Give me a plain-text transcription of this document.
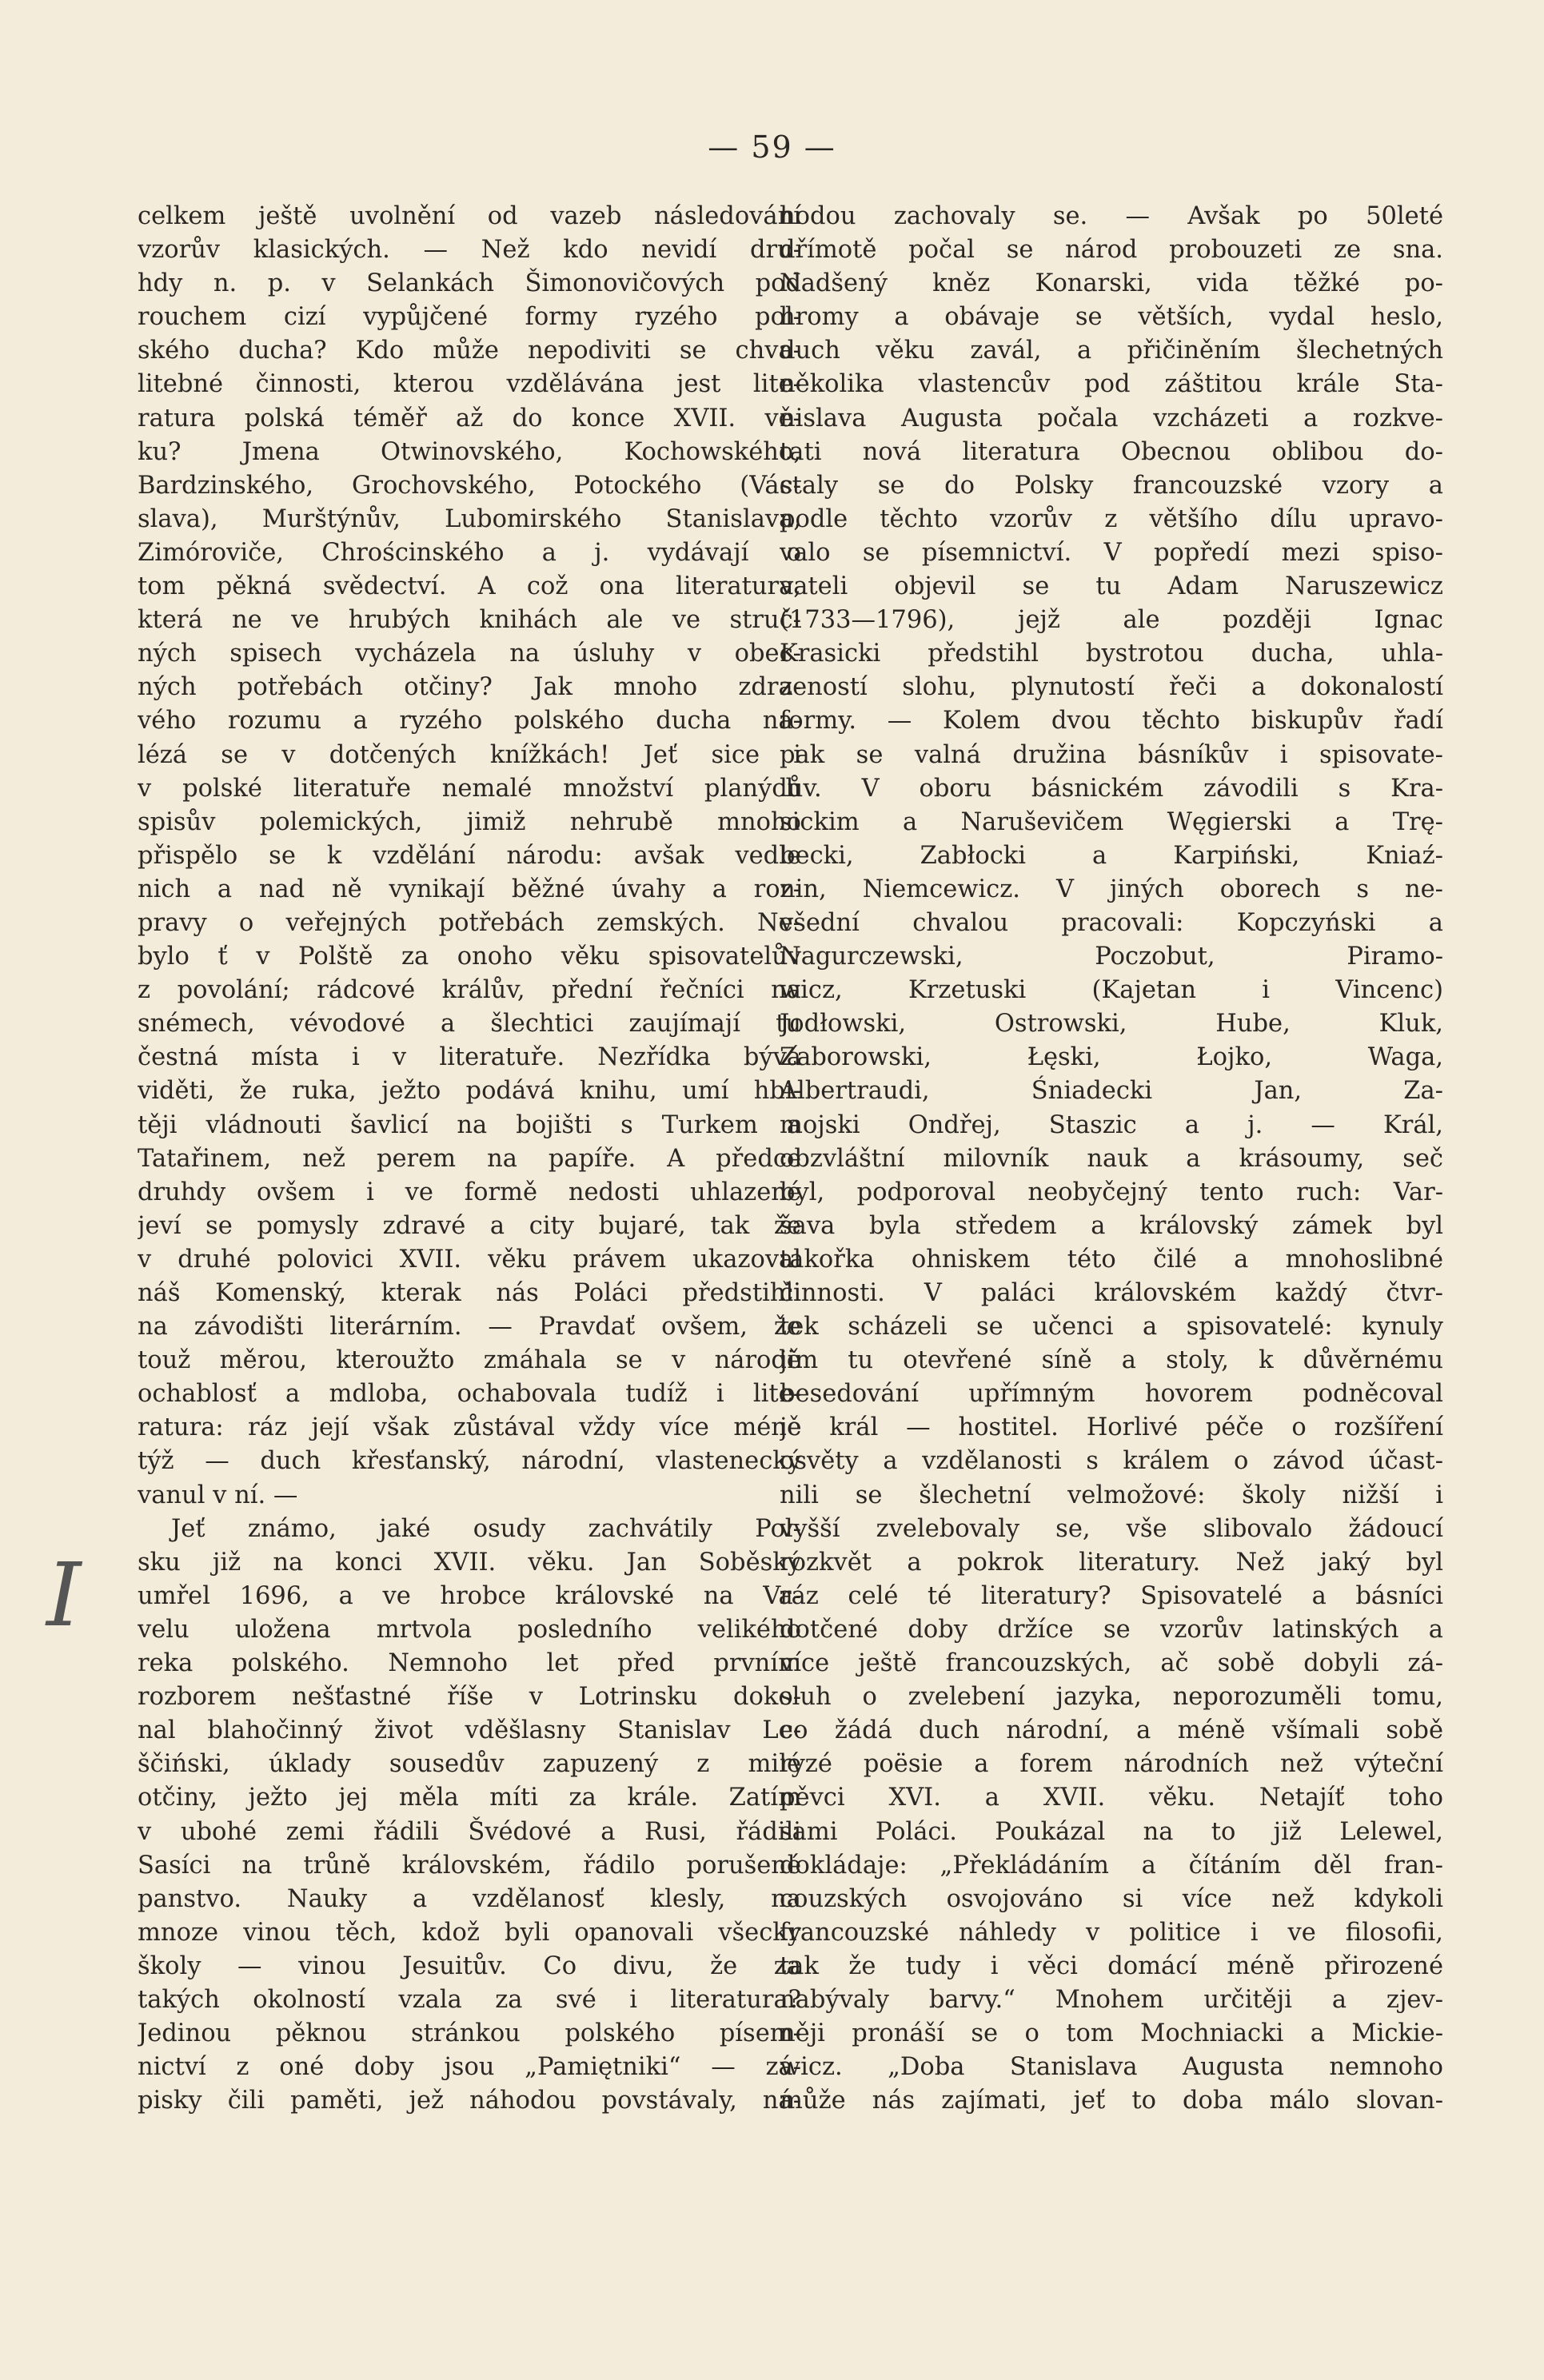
— 59 —
I
celkem ještě uvolnění od vazeb následování
vzorův klasických. — Než kdo nevidí dru-
hdy n. p. v Selankách Šimonovičových pod
rouchem cizí vypůjčené formy ryzého pol-
ského ducha? Kdo může nepodiviti se chva-
litebné činnosti, kterou vzdělávána jest lite-
ratura polská téměř až do konce XVII. vě-
ku? Jmena Otwinovského, Kochowského,
Bardzinského, Grochovského, Potockého (Vác-
slava), Murštýnův, Lubomirského Stanislava,
Zimóroviče, Chrościnského a j. vydávají o
tom pěkná svědectví. A což ona literatura,
která ne ve hrubých knihách ale ve struč-
ných spisech vycházela na úsluhy v obec-
ných potřebách otčiny? Jak mnoho zdra-
vého rozumu a ryzého polského ducha na-
lézá se v dotčených knížkách! Jeť sice i
v polské literatuře nemalé množství planých
spisův polemických, jimiž nehrubě mnoho
přispělo se k vzdělání národu: avšak vedle
nich a nad ně vynikají běžné úvahy a roz-
pravy o veřejných potřebách zemských. Ne-
bylo ť v Polště za onoho věku spisovatelův
z povolání; rádcové králův, přední řečníci na
snémech, vévodové a šlechtici zaujímají tu
čestná místa i v literatuře. Nezřídka bývá
viděti, že ruka, ježto podává knihu, umí hbi-
těji vládnouti šavlicí na bojišti s Turkem a
Tatařinem, než perem na papíře. A předce
druhdy ovšem i ve formě nedosti uhlazené
jeví se pomysly zdravé a city bujaré, tak že
v druhé polovici XVII. věku právem ukazoval
náš Komenský, kterak nás Poláci předstihli
na závodišti literárním. — Pravdať ovšem, že
touž měrou, kteroužto zmáhala se v národě
ochablosť a mdloba, ochabovala tudíž i lite-
ratura: ráz její však zůstával vždy více méně
týž — duch křesťanský, národní, vlastenecký
vanul v ní. —
Jeť známo, jaké osudy zachvátily Pol-
sku již na konci XVII. věku. Jan Soběský
umřel 1696, a ve hrobce královské na Va-
velu uložena mrtvola posledního velikého
reka polského. Nemnoho let před prvním
rozborem nešťastné říše v Lotrinsku doko-
nal blahočinný život vděšlasny Stanislav Le-
ščiński, úklady sousedův zapuzený z milé
otčiny, ježto jej měla míti za krále. Zatím
v ubohé zemi řádili Švédové a Rusi, řádili
Sasíci na trůně královském, řádilo porušené
panstvo. Nauky a vzdělanosť klesly, na
mnoze vinou těch, kdož byli opanovali všecky
školy — vinou Jesuitův. Co divu, že za
takých okolností vzala za své i literatura?
Jedinou pěknou stránkou polského písem-
nictví z oné doby jsou „Pamiętniki“ — zá-
pisky čili paměti, jež náhodou povstávaly, ná-
hodou zachovaly se. — Avšak po 50leté
dřímotě počal se národ probouzeti ze sna.
Nadšený kněz Konarski, vida těžké po-
hromy a obávaje se větších, vydal heslo,
duch věku zavál, a přičiněním šlechetných
několika vlastencův pod záštitou krále Sta-
nislava Augusta počala vzcházeti a rozkve-
tati nová literatura Obecnou oblibou do-
staly se do Polsky francouzské vzory a
podle těchto vzorův z většího dílu upravo-
valo se písemnictví. V popředí mezi spiso-
vateli objevil se tu Adam Naruszewicz
(1733—1796), jejž ale později Ignac
Krasicki předstihl bystrotou ducha, uhla-
zeností slohu, plynutostí řeči a dokonalostí
formy. — Kolem dvou těchto biskupův řadí
pak se valná družina básníkův i spisovate-
lův. V oboru básnickém závodili s Kra-
sickim a Naruševičem Węgierski a Trę-
becki, Zabłocki a Karpiński, Kniaź-
nin, Niemcewicz. V jiných oborech s ne-
všední chvalou pracovali: Kopczyński a
Nagurczewski, Poczobut, Piramo-
wicz, Krzetuski (Kajetan i Vincenc)
Jodłowski, Ostrowski, Hube, Kluk,
Zaborowski, Łęski, Łojko, Waga,
Albertraudi, Śniadecki Jan, Za-
mojski Ondřej, Staszic a j. — Král,
obzvláštní milovník nauk a krásoumy, seč
byl, podporoval neobyčejný tento ruch: Var-
šava byla středem a královský zámek byl
takořka ohniskem této čilé a mnohoslibné
činnosti. V paláci královském každý čtvr-
tek scházeli se učenci a spisovatelé: kynuly
jim tu otevřené síně a stoly, k důvěrnému
besedování upřímným hovorem podněcoval
je král — hostitel. Horlivé péče o rozšíření
osvěty a vzdělanosti s králem o závod účast-
nili se šlechetní velmožové: školy nižší i
vyšší zvelebovaly se, vše slibovalo žádoucí
rozkvět a pokrok literatury. Než jaký byl
ráz celé té literatury? Spisovatelé a básníci
dotčené doby držíce se vzorův latinských a
více ještě francouzských, ač sobě dobyli zá-
sluh o zvelebení jazyka, neporozuměli tomu,
co žádá duch národní, a méně všímali sobě
ryzé poësie a forem národních než výteční
pěvci XVI. a XVII. věku. Netajíť toho
sami Poláci. Poukázal na to již Lelewel,
dokládaje: „Překládáním a čítáním děl fran-
couzských osvojováno si více než kdykoli
francouzské náhledy v politice i ve filosofii,
tak že tudy i věci domácí méně přirozené
nabývaly barvy.“ Mnohem určitěji a zjev-
něji pronáší se o tom Mochniacki a Mickie-
wicz. „Doba Stanislava Augusta nemnoho
může nás zajímati, jeť to doba málo slovan-
